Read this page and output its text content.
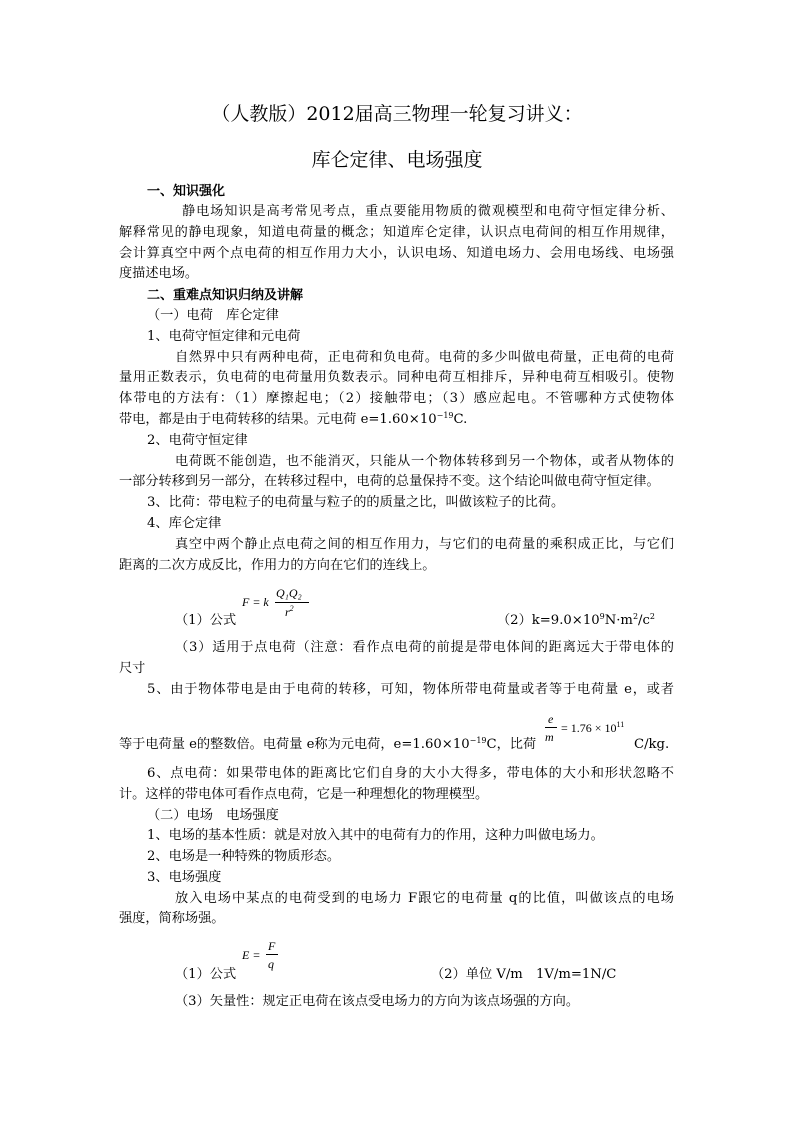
（人教版）2012届高三物理一轮复习讲义：
库仑定律、电场强度
一、知识强化
静电场知识是高考常见考点，重点要能用物质的微观模型和电荷守恒定律分析、
解释常见的静电现象，知道电荷量的概念；知道库仑定律，认识点电荷间的相互作用规律，
会计算真空中两个点电荷的相互作用力大小，认识电场、知道电场力、会用电场线、电场强
度描述电场。
二、重难点知识归纳及讲解
（一）电荷　库仑定律
1、电荷守恒定律和元电荷
自然界中只有两种电荷，正电荷和负电荷。电荷的多少叫做电荷量，正电荷的电荷
量用正数表示，负电荷的电荷量用负数表示。同种电荷互相排斥，异种电荷互相吸引。使物
体带电的方法有：（1）摩擦起电；（2）接触带电；（3）感应起电。不管哪种方式使物体
带电，都是由于电荷转移的结果。元电荷 $e=1.60\times 10^{-19}C$.
2、电荷守恒定律
电荷既不能创造，也不能消灭，只能从一个物体转移到另一个物体，或者从物体的
一部分转移到另一部分，在转移过程中，电荷的总量保持不变。这个结论叫做电荷守恒定律。
3、比荷：带电粒子的电荷量与粒子的的质量之比，叫做该粒子的比荷。
4、库仑定律
真空中两个静止点电荷之间的相互作用力，与它们的电荷量的乘积成正比，与它们
距离的二次方成反比，作用力的方向在它们的连线上。
（1）公式
F = k
Q₁Q₂
$r^2$
$(2)k=9.0\times 10^9N\cdot m^2/c^2$
（3）适用于点电荷（注意：看作点电荷的前提是带电体间的距离远大于带电体的
尺寸
5、由于物体带电是由于电荷的转移，可知，物体所带电荷量或者等于电荷量 e，或者
等于电荷量 e的整数倍。电荷量 e称为元电荷，$e=1.60\times 10^{-19}C$，比荷
e
m
= $1.76 \times 10^{11}$
C/kg.
6、点电荷：如果带电体的距离比它们自身的大小大得多，带电体的大小和形状忽略不
计。这样的带电体可看作点电荷，它是一种理想化的物理模型。
（二）电场　电场强度
1、电场的基本性质：就是对放入其中的电荷有力的作用，这种力叫做电场力。
2、电场是一种特殊的物质形态。
3、电场强度
放入电场中某点的电荷受到的电场力 F跟它的电荷量 q的比值，叫做该点的电场
强度，简称场强。
（1）公式
E =
F
q
（2）单位 V/m　1V/m=1N/C
（3）矢量性：规定正电荷在该点受电场力的方向为该点场强的方向。
